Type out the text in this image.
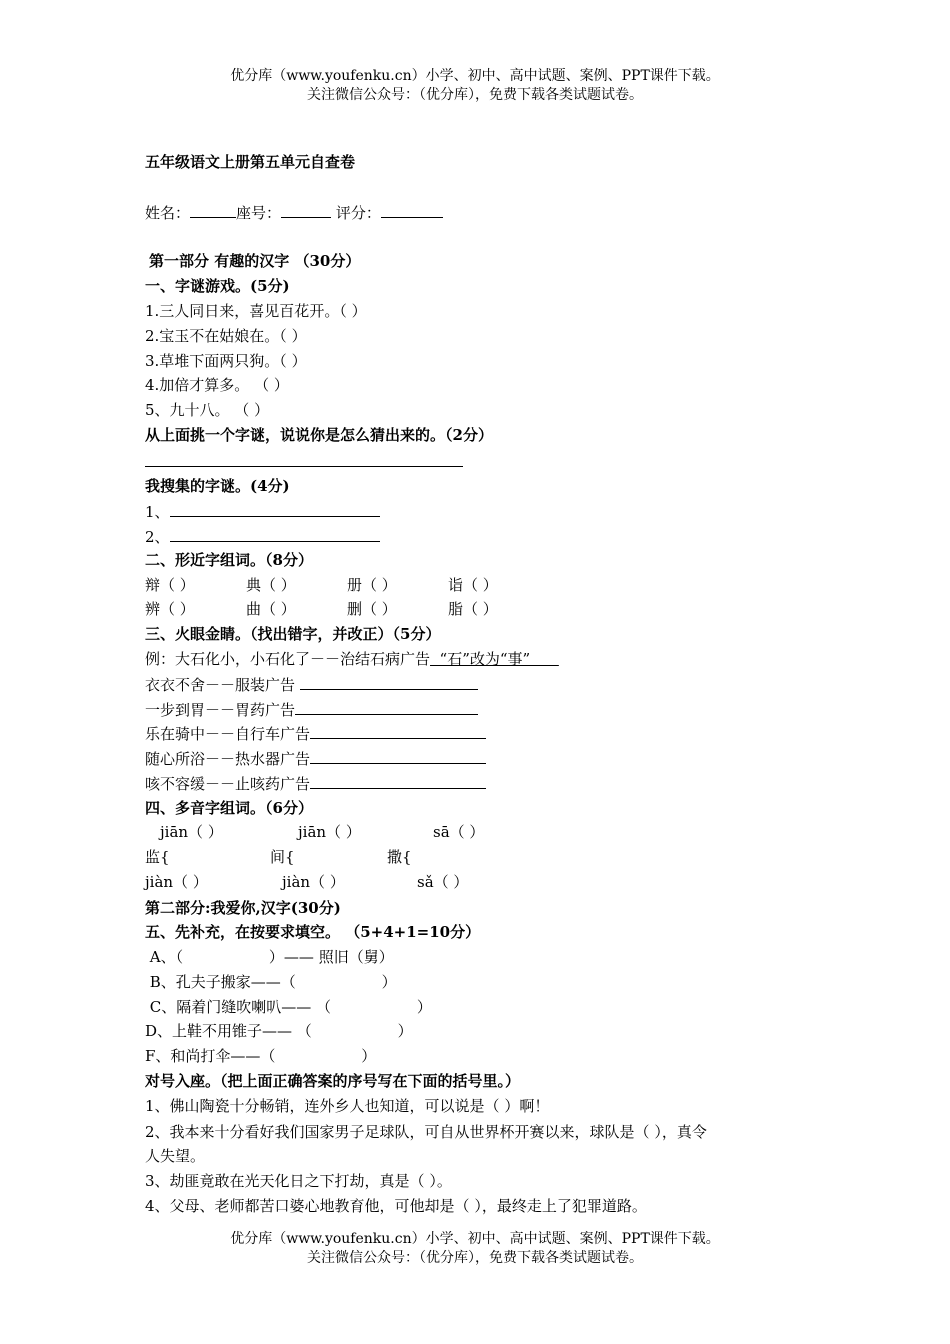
优分库（www.youfenku.cn）小学、初中、高中试题、案例、PPT课件下载。
关注微信公众号：（优分库），免费下载各类试题试卷。
五年级语文上册第五单元自查卷
姓名：	座号：	评分：
第一部分 有趣的汉字 （30分）
一、字谜游戏。(5分)
1.三人同日来，喜见百花开。（ ）
2.宝玉不在姑娘在。（ ）
3.草堆下面两只狗。（ ）
4.加倍才算多。 （ ）
5、九十八。 （ ）
从上面挑一个字谜，说说你是怎么猜出来的。（2分）
我搜集的字谜。(4分)
1、
2、
二、形近字组词。（8分）
辩（ ）	典（ ）	册（ ）	诣（ ）
辨（ ）	曲（ ）	删（ ）	脂（ ）
三、火眼金睛。（找出错字，并改正）（5分）
例：大石化小，小石化了－－治结石病广告  “石”改为“事”
衣衣不舍－－服装广告
一步到胃－－胃药广告
乐在骑中－－自行车广告
随心所浴－－热水器广告
咳不容缓－－止咳药广告
四、多音字组词。（6分）
jiān（ ）	jiān（ ）	sā（ ）
监{	间{	撒{
jiàn（ ）	jiàn（ ）	sǎ（ ）
第二部分:我爱你,汉字(30分)
五、先补充，在按要求填空。 （5+4+1=10分）
A、（                  ）—— 照旧（舅）
B、孔夫子搬家——（                  ）
C、隔着门缝吹喇叭—— （                  ）
D、上鞋不用锥子—— （                  ）
F、和尚打伞——（                  ）
对号入座。（把上面正确答案的序号写在下面的括号里。）
1、佛山陶瓷十分畅销，连外乡人也知道，可以说是（ ）啊！
2、我本来十分看好我们国家男子足球队，可自从世界杯开赛以来，球队是（ ），真令
人失望。
3、劫匪竟敢在光天化日之下打劫，真是（ ）。
4、父母、老师都苦口婆心地教育他，可他却是（ ），最终走上了犯罪道路。
优分库（www.youfenku.cn）小学、初中、高中试题、案例、PPT课件下载。
关注微信公众号：（优分库），免费下载各类试题试卷。
